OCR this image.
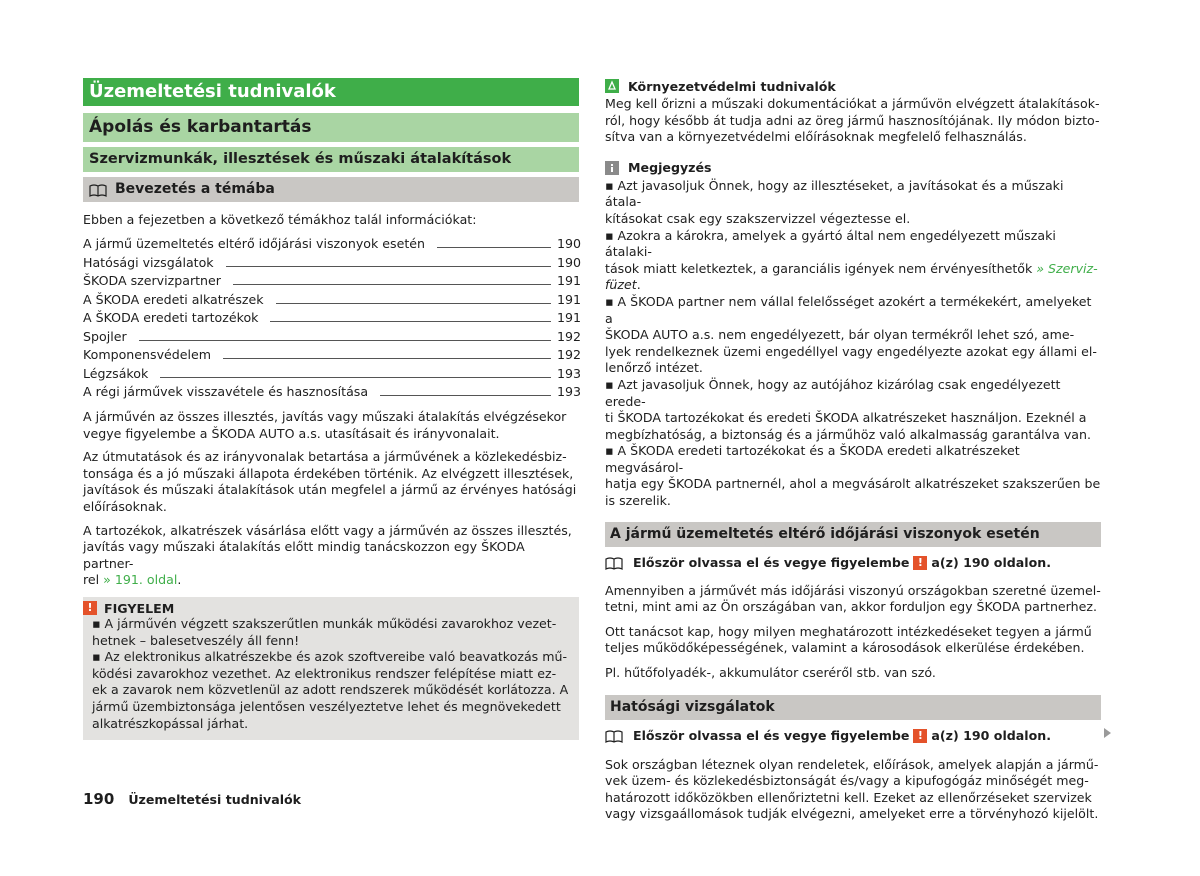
Üzemeltetési tudnivalók
Ápolás és karbantartás
Szervizmunkák, illesztések és műszaki átalakítások
Bevezetés a témába

Ebben a fejezetben a következő témákhoz talál információkat:

A jármű üzemeltetés eltérő időjárási viszonyok esetén	190
Hatósági vizsgálatok	190
ŠKODA szervizpartner	191
A ŠKODA eredeti alkatrészek	191
A ŠKODA eredeti tartozékok	191
Spojler	192
Komponensvédelem	192
Légzsákok	193
A régi járművek visszavétele és hasznosítása	193

A járművén az összes illesztés, javítás vagy műszaki átalakítás elvégzésekor

vegye figyelembe a ŠKODA AUTO a.s. utasításait és irányvonalait.

Az útmutatások és az irányvonalak betartása a járművének a közlekedésbiz-

tonsága és a jó műszaki állapota érdekében történik. Az elvégzett illesztések,

javítások és műszaki átalakítások után megfelel a jármű az érvényes hatósági

előírásoknak.

A tartozékok, alkatrészek vásárlása előtt vagy a járművén az összes illesztés,

javítás vagy műszaki átalakítás előtt mindig tanácskozzon egy ŠKODA partner-

rel » 191. oldal.

! FIGYELEM

▪ A járművén végzett szakszerűtlen munkák működési zavarokhoz vezet-

hetnek – balesetveszély áll fenn!

▪ Az elektronikus alkatrészekbe és azok szoftvereibe való beavatkozás mű-

ködési zavarokhoz vezethet. Az elektronikus rendszer felépítése miatt ez-

ek a zavarok nem közvetlenül az adott rendszerek működését korlátozza. A

jármű üzembiztonsága jelentősen veszélyeztetve lehet és megnövekedett

alkatrészkopással járhat.

Környezetvédelmi tudnivalók

Meg kell őrizni a műszaki dokumentációkat a járművön elvégzett átalakítások-

ról, hogy később át tudja adni az öreg jármű hasznosítójának. Ily módon bizto-

sítva van a környezetvédelmi előírásoknak megfelelő felhasználás.

Megjegyzés

▪ Azt javasoljuk Önnek, hogy az illesztéseket, a javításokat és a műszaki átala-

kításokat csak egy szakszervizzel végeztesse el.

▪ Azokra a károkra, amelyek a gyártó által nem engedélyezett műszaki átalaki-

tások miatt keletkeztek, a garanciális igények nem érvényesíthetők » Szerviz-

füzet.

▪ A ŠKODA partner nem vállal felelősséget azokért a termékekért, amelyeket a

ŠKODA AUTO a.s. nem engedélyezett, bár olyan termékről lehet szó, ame-

lyek rendelkeznek üzemi engedéllyel vagy engedélyezte azokat egy állami el-

lenőrző intézet.

▪ Azt javasoljuk Önnek, hogy az autójához kizárólag csak engedélyezett erede-

ti ŠKODA tartozékokat és eredeti ŠKODA alkatrészeket használjon. Ezeknél a

megbízhatóság, a biztonság és a járműhöz való alkalmasság garantálva van.

▪ A ŠKODA eredeti tartozékokat és a ŠKODA eredeti alkatrészeket megvásárol-

hatja egy ŠKODA partnernél, ahol a megvásárolt alkatrészeket szakszerűen be

is szerelik.

A jármű üzemeltetés eltérő időjárási viszonyok esetén
Először olvassa el és vegye figyelembe ! a(z) 190 oldalon.

Amennyiben a járművét más időjárási viszonyú országokban szeretné üzemel-

tetni, mint ami az Ön országában van, akkor forduljon egy ŠKODA partnerhez.

Ott tanácsot kap, hogy milyen meghatározott intézkedéseket tegyen a jármű

teljes működőképességének, valamint a károsodások elkerülése érdekében.

Pl. hűtőfolyadék-, akkumulátor cseréről stb. van szó.

Hatósági vizsgálatok
Először olvassa el és vegye figyelembe ! a(z) 190 oldalon.

Sok országban léteznek olyan rendeletek, előírások, amelyek alapján a jármű-

vek üzem- és közlekedésbiztonságát és/vagy a kipufogógáz minőségét meg-

határozott időközökben ellenőriztetni kell. Ezeket az ellenőrzéseket szervizek

vagy vizsgaállomások tudják elvégezni, amelyeket erre a törvényhozó kijelölt.

190 Üzemeltetési tudnivalók
